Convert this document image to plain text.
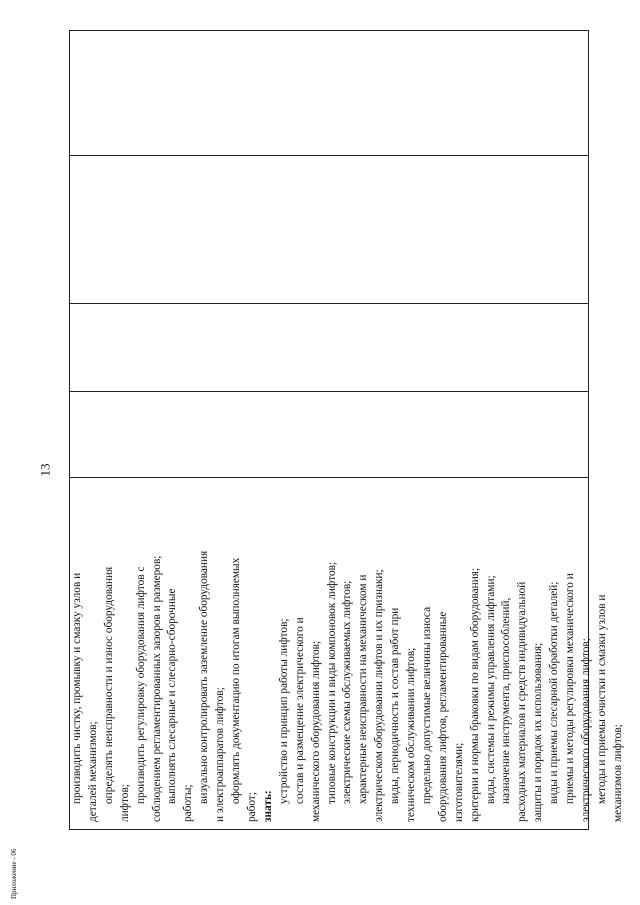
производить чистку, промывку и смазку узлов и деталей механизмов; определять неисправности и износ оборудования лифтов; производить регулировку оборудования лифтов с соблюдением регламентированных зазоров и размеров; выполнять слесарные и слесарно-сборочные работы; визуально контролировать заземление оборудования и электроаппаратов лифтов; оформлять документацию по итогам выполняемых
работ; знать:
устройство и принцип работы лифтов; состав и размещение электрического и механического оборудования лифтов; типовые конструкции и виды компоновок лифтов; электрические схемы обслуживаемых лифтов; характерные неисправности на механическом и электрическом оборудовании лифтов и их признаки; виды, периодичность и состав работ при техническом обслуживании лифтов; предельно допустимые величины износа оборудования лифтов, регламентированные изготовителями; критерии и нормы браковки по видам оборудования; виды, системы и режимы управления лифтами; назначение инструмента, приспособлений, расходных материалов и средств индивидуальной защиты и порядок их использования; виды и приемы слесарной обработки деталей; приемы и методы регулировки механического и электрического оборудования лифтов; методы и приемы очистки и смазки узлов и механизмов лифтов;
13
Приложение - 06
